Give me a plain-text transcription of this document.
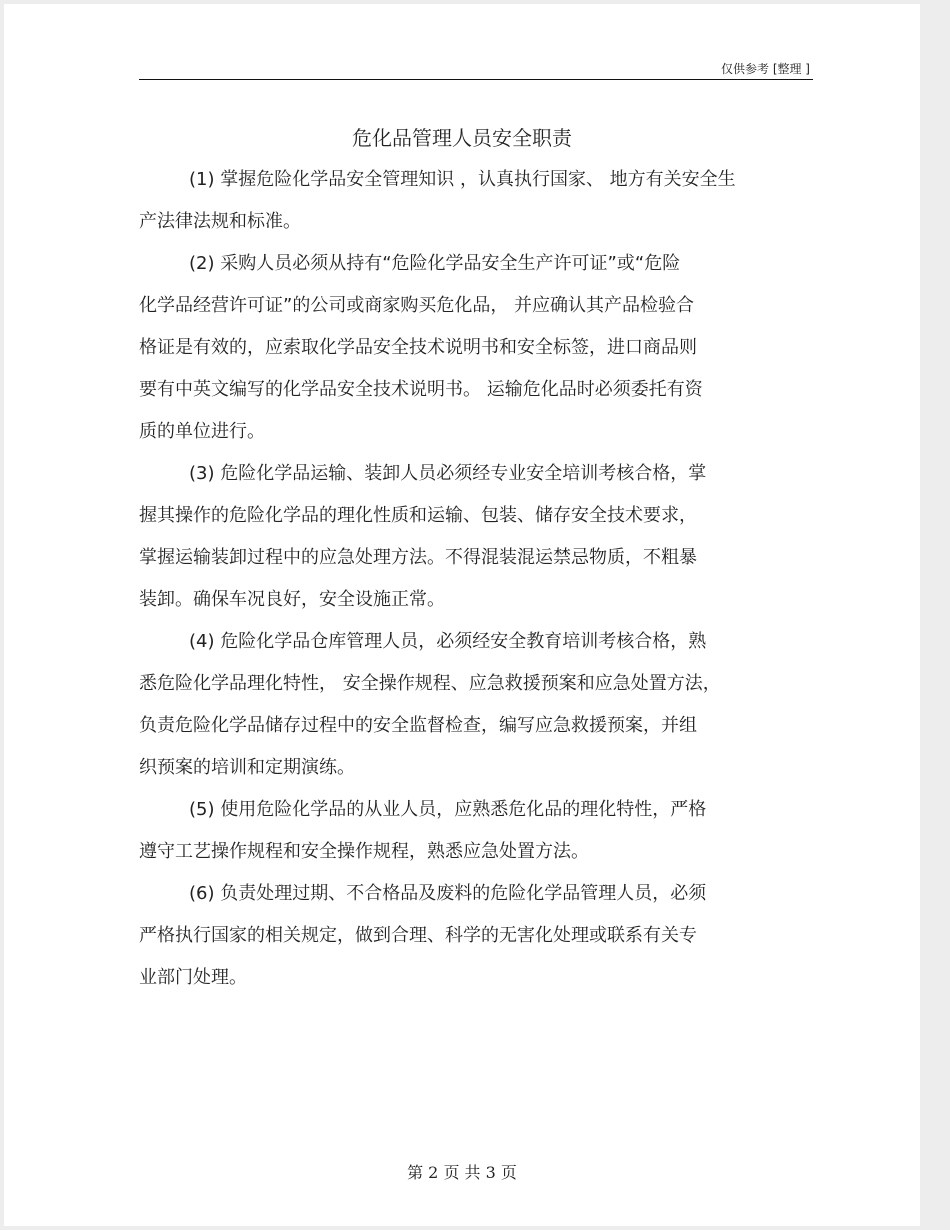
仅供参考 [整理 ]
危化品管理人员安全职责
(1) 掌握危险化学品安全管理知识 ，认真执行国家、 地方有关安全生
产法律法规和标准。
(2) 采购人员必须从持有“危险化学品安全生产许可证”或“危险
化学品经营许可证”的公司或商家购买危化品， 并应确认其产品检验合
格证是有效的，应索取化学品安全技术说明书和安全标签，进口商品则
要有中英文编写的化学品安全技术说明书。 运输危化品时必须委托有资
质的单位进行。
(3) 危险化学品运输、装卸人员必须经专业安全培训考核合格，掌
握其操作的危险化学品的理化性质和运输、包装、储存安全技术要求，
掌握运输装卸过程中的应急处理方法。不得混装混运禁忌物质，不粗暴
装卸。确保车况良好，安全设施正常。
(4) 危险化学品仓库管理人员，必须经安全教育培训考核合格，熟
悉危险化学品理化特性， 安全操作规程、应急救援预案和应急处置方法，
负责危险化学品储存过程中的安全监督检查，编写应急救援预案，并组
织预案的培训和定期演练。
(5) 使用危险化学品的从业人员，应熟悉危化品的理化特性，严格
遵守工艺操作规程和安全操作规程，熟悉应急处置方法。
(6) 负责处理过期、不合格品及废料的危险化学品管理人员，必须
严格执行国家的相关规定，做到合理、科学的无害化处理或联系有关专
业部门处理。
第 2 页 共 3 页
